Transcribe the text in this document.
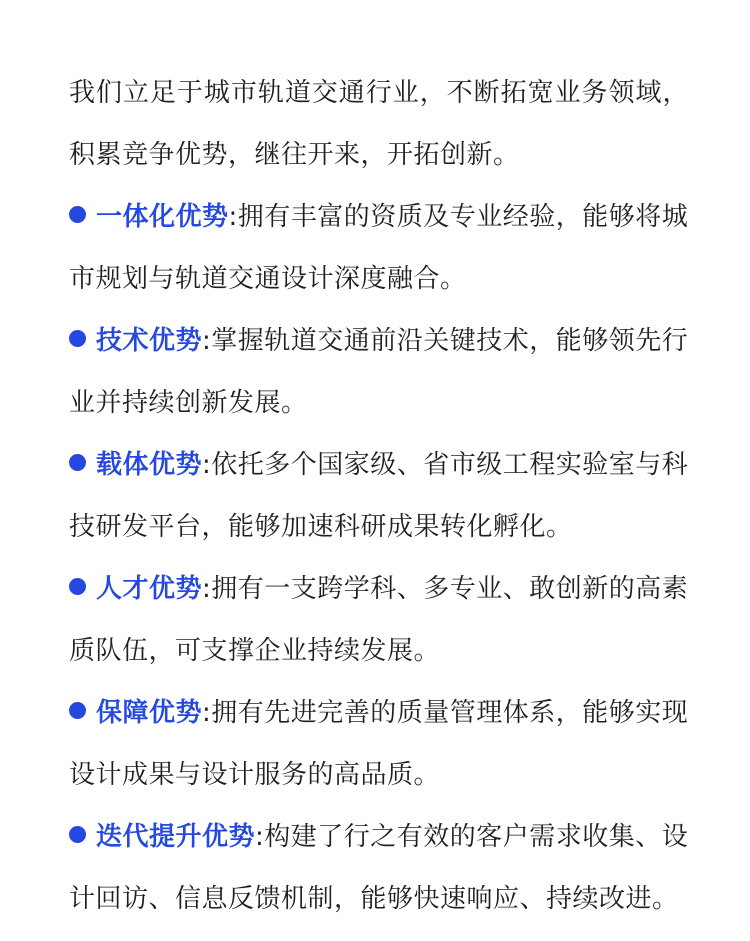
我们立足于城市轨道交通行业，不断拓宽业务领域，积累竞争优势，继往开来，开拓创新。

一体化优势:拥有丰富的资质及专业经验，能够将城市规划与轨道交通设计深度融合。

技术优势:掌握轨道交通前沿关键技术，能够领先行业并持续创新发展。

载体优势:依托多个国家级、省市级工程实验室与科技研发平台，能够加速科研成果转化孵化。

人才优势:拥有一支跨学科、多专业、敢创新的高素质队伍，可支撑企业持续发展。

保障优势:拥有先进完善的质量管理体系，能够实现设计成果与设计服务的高品质。

迭代提升优势:构建了行之有效的客户需求收集、设计回访、信息反馈机制，能够快速响应、持续改进。
